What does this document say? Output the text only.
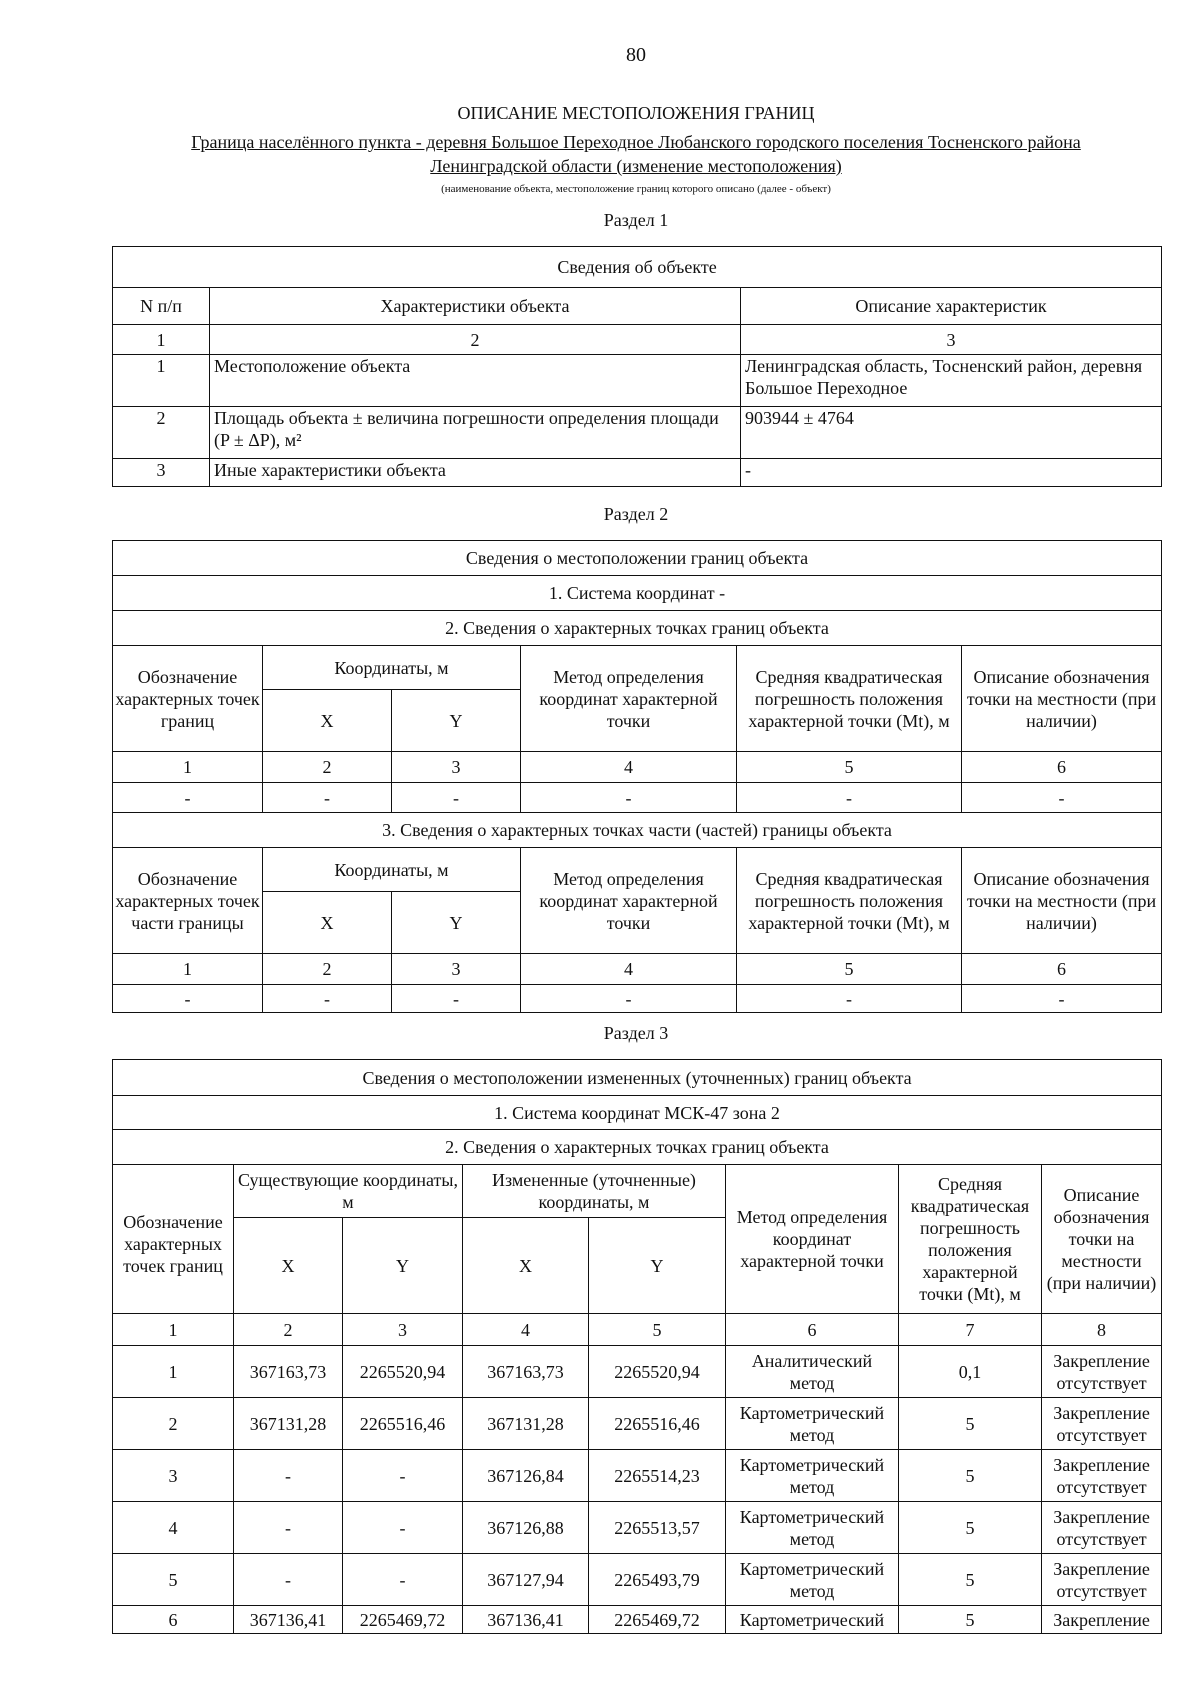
80
ОПИСАНИЕ МЕСТОПОЛОЖЕНИЯ ГРАНИЦ
Граница населённого пункта - деревня Большое Переходное Любанского городского поселения Тосненского района
Ленинградской области (изменение местоположения)
(наименование объекта, местоположение границ которого описано (далее - объект)
Раздел 1
Сведения об объекте		
N п/п	Характеристики объекта	Описание характеристик
1	2	3
1	Местоположение объекта	Ленинградская область, Тосненский район, деревня Большое Переходное
2	Площадь объекта ± величина погрешности определения площади (P ± ΔP), м²	903944 ± 4764
3	Иные характеристики объекта	-
Раздел 2
Сведения о местоположении границ объекта					
1. Система координат -					
2. Сведения о характерных точках границ объекта					
Обозначение характерных точек границ	Координаты, м		Метод определения координат характерной точки	Средняя квадратическая погрешность положения характерной точки (Mt), м	Описание обозначения точки на местности (при наличии)
	X	Y			
1	2	3	4	5	6
-	-	-	-	-	-
3. Сведения о характерных точках части (частей) границы объекта					
Обозначение характерных точек части границы	Координаты, м		Метод определения координат характерной точки	Средняя квадратическая погрешность положения характерной точки (Mt), м	Описание обозначения точки на местности (при наличии)
	X	Y			
1	2	3	4	5	6
-	-	-	-	-	-
Раздел 3
Сведения о местоположении измененных (уточненных) границ объекта							
1. Система координат МСК-47 зона 2							
2. Сведения о характерных точках границ объекта							
Обозначение характерных точек границ	Существующие координаты, м		Измененные (уточненные) координаты, м		Метод определения координат характерной точки	Средняя квадратическая погрешность положения характерной точки (Mt), м	Описание обозначения точки на местности (при наличии)
	X	Y	X	Y			
1	2	3	4	5	6	7	8
1	367163,73	2265520,94	367163,73	2265520,94	Аналитический метод	0,1	Закрепление отсутствует
2	367131,28	2265516,46	367131,28	2265516,46	Картометрический метод	5	Закрепление отсутствует
3	-	-	367126,84	2265514,23	Картометрический метод	5	Закрепление отсутствует
4	-	-	367126,88	2265513,57	Картометрический метод	5	Закрепление отсутствует
5	-	-	367127,94	2265493,79	Картометрический метод	5	Закрепление отсутствует
6	367136,41	2265469,72	367136,41	2265469,72	Картометрический	5	Закрепление
